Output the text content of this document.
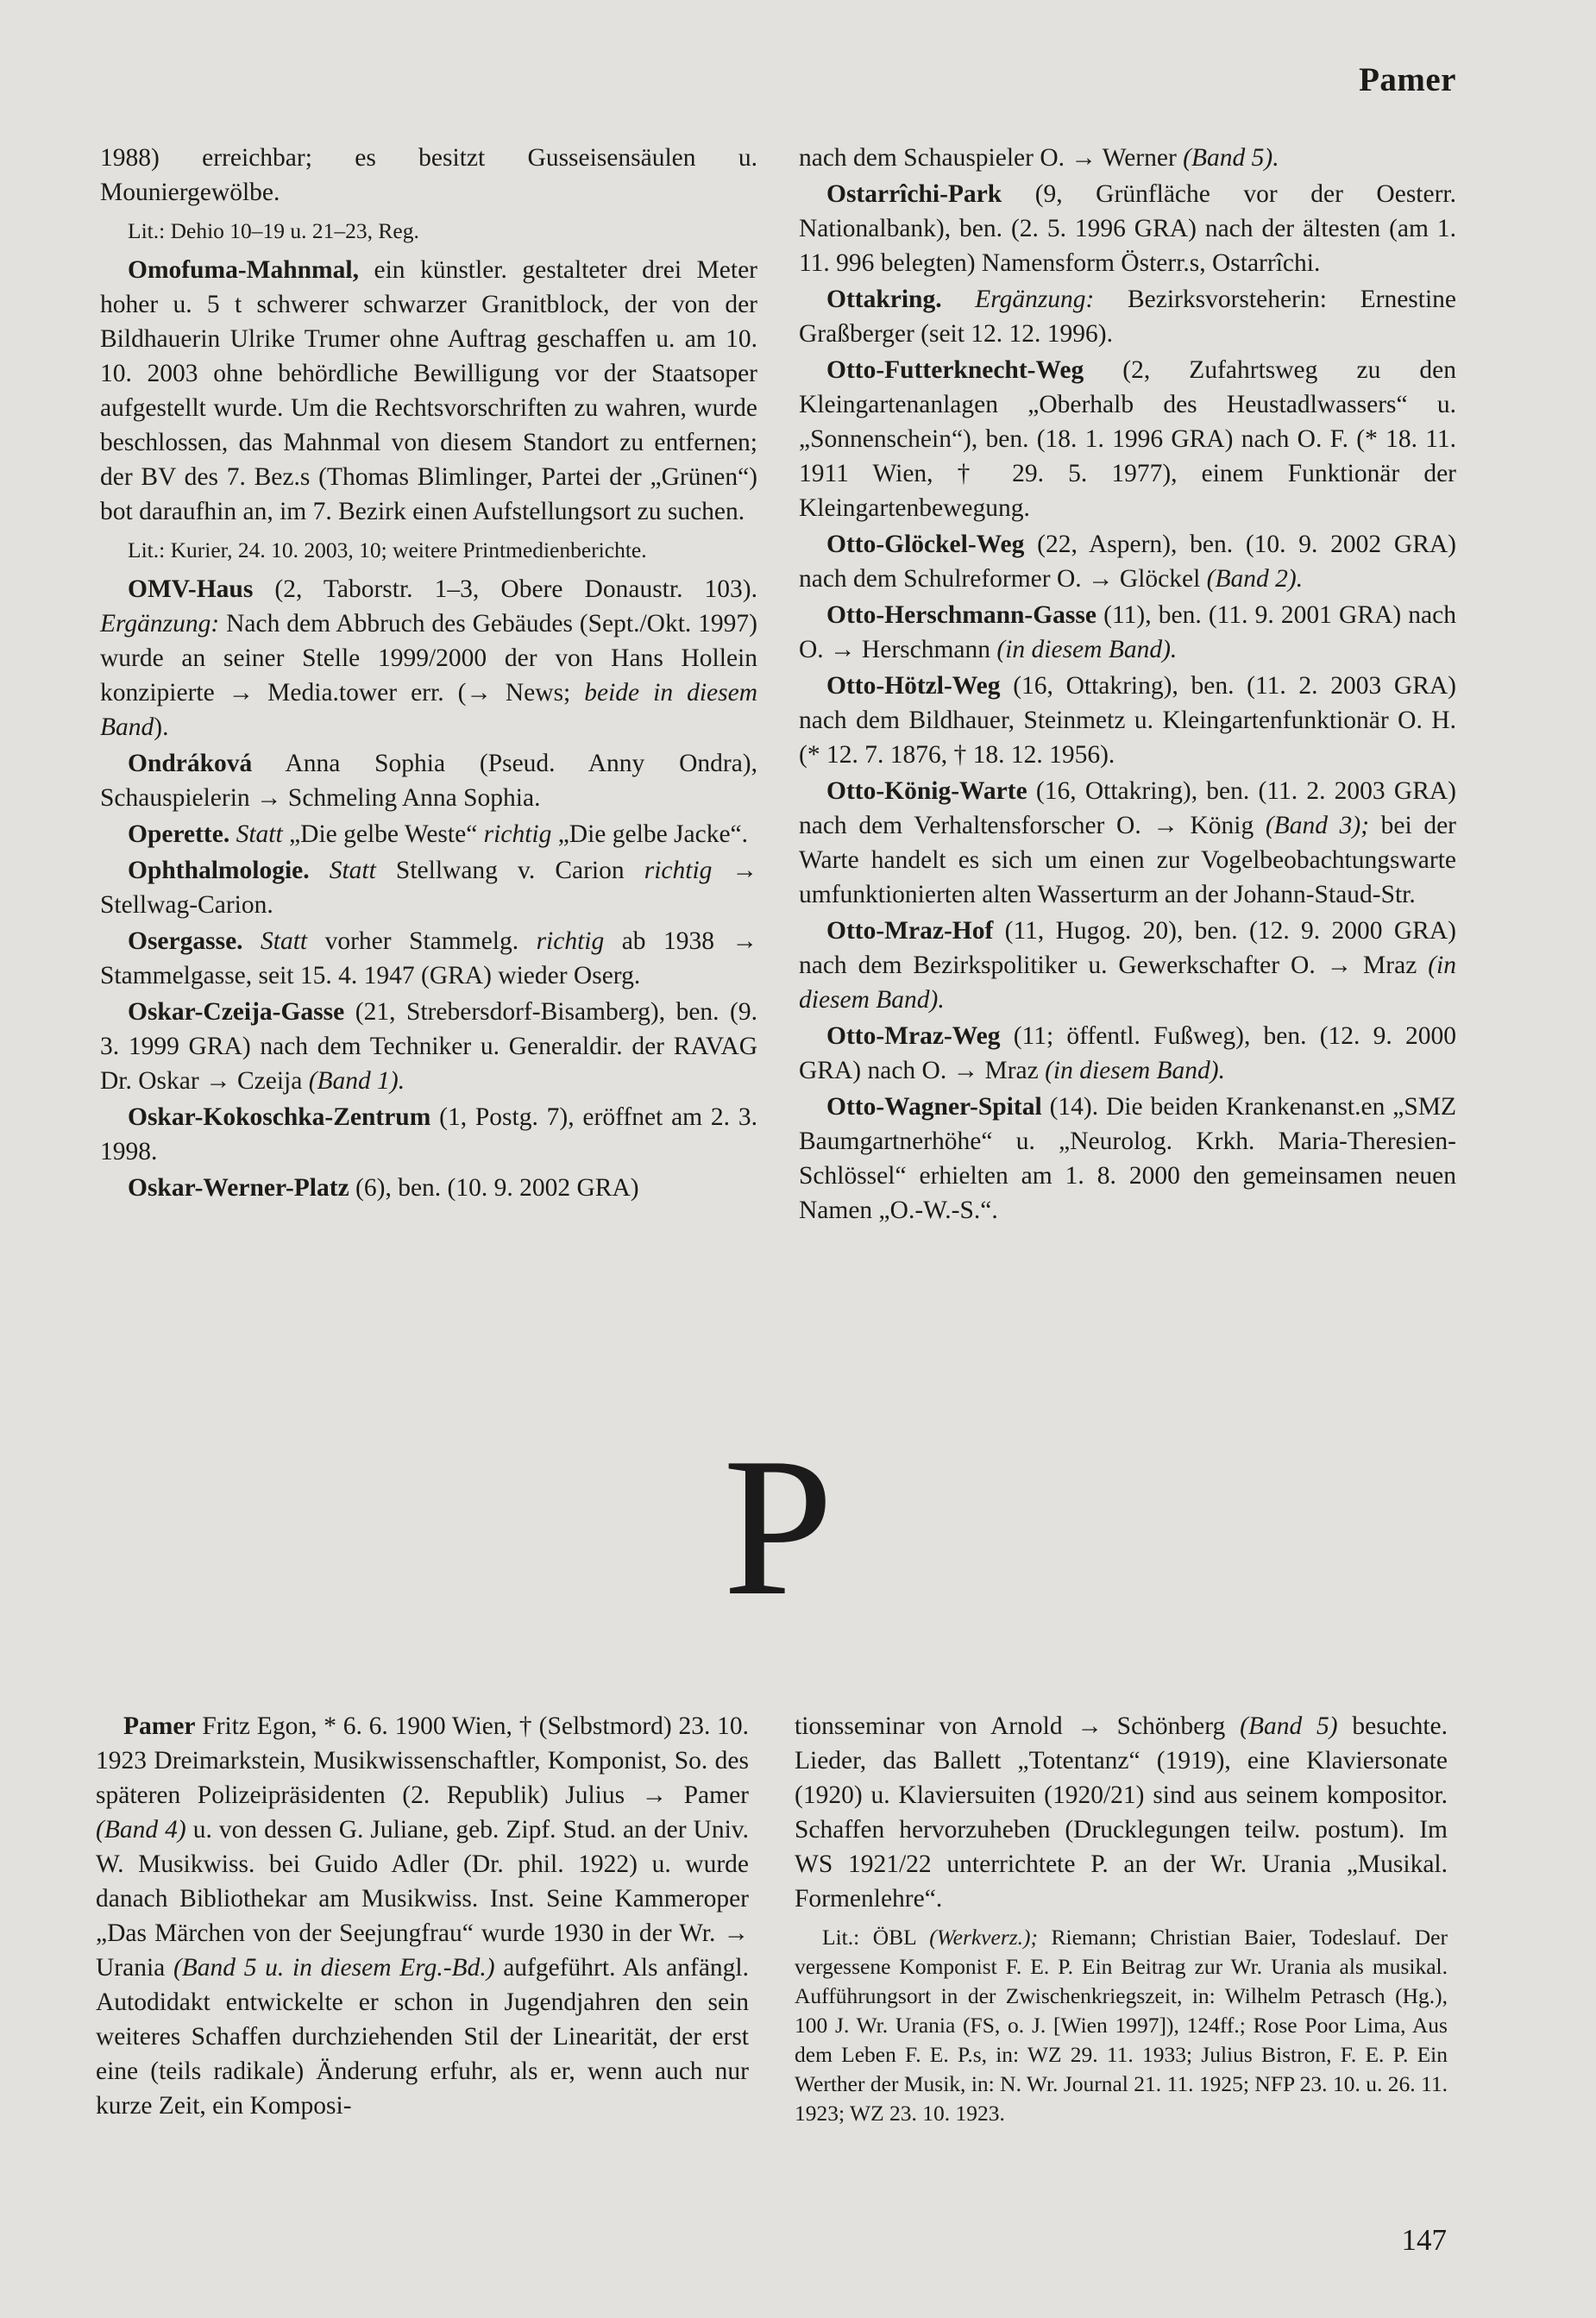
Pamer

1988) erreichbar; es besitzt Gusseisensäulen u. Mouniergewölbe.

Lit.: Dehio 10–19 u. 21–23, Reg.

Omofuma-Mahnmal, ein künstler. gestalteter drei Meter hoher u. 5 t schwerer schwarzer Granitblock, der von der Bildhauerin Ulrike Trumer ohne Auftrag geschaffen u. am 10. 10. 2003 ohne behördliche Bewilligung vor der Staatsoper aufgestellt wurde. Um die Rechtsvorschriften zu wahren, wurde beschlossen, das Mahnmal von diesem Standort zu entfernen; der BV des 7. Bez.s (Thomas Blimlinger, Partei der „Grünen“) bot daraufhin an, im 7. Bezirk einen Aufstellungsort zu suchen.

Lit.: Kurier, 24. 10. 2003, 10; weitere Printmedienberichte.

OMV-Haus (2, Taborstr. 1–3, Obere Donaustr. 103). Ergänzung: Nach dem Abbruch des Gebäudes (Sept./Okt. 1997) wurde an seiner Stelle 1999/2000 der von Hans Hollein konzipierte → Media.tower err. (→ News; beide in diesem Band).

Ondráková Anna Sophia (Pseud. Anny Ondra), Schauspielerin → Schmeling Anna Sophia.

Operette. Statt „Die gelbe Weste“ richtig „Die gelbe Jacke“.

Ophthalmologie. Statt Stellwang v. Carion richtig → Stellwag-Carion.

Osergasse. Statt vorher Stammelg. richtig ab 1938 → Stammelgasse, seit 15. 4. 1947 (GRA) wieder Oserg.

Oskar-Czeija-Gasse (21, Strebersdorf-Bisamberg), ben. (9. 3. 1999 GRA) nach dem Techniker u. Generaldir. der RAVAG Dr. Oskar → Czeija (Band 1).

Oskar-Kokoschka-Zentrum (1, Postg. 7), eröffnet am 2. 3. 1998.

Oskar-Werner-Platz (6), ben. (10. 9. 2002 GRA)

nach dem Schauspieler O. → Werner (Band 5).

Ostarrîchi-Park (9, Grünfläche vor der Oesterr. Nationalbank), ben. (2. 5. 1996 GRA) nach der ältesten (am 1. 11. 996 belegten) Namensform Österr.s, Ostarrîchi.

Ottakring. Ergänzung: Bezirksvorsteherin: Ernestine Graßberger (seit 12. 12. 1996).

Otto-Futterknecht-Weg (2, Zufahrtsweg zu den Kleingartenanlagen „Oberhalb des Heustadlwassers“ u. „Sonnenschein“), ben. (18. 1. 1996 GRA) nach O. F. (* 18. 11. 1911 Wien, † 29. 5. 1977), einem Funktionär der Kleingartenbewegung.

Otto-Glöckel-Weg (22, Aspern), ben. (10. 9. 2002 GRA) nach dem Schulreformer O. → Glöckel (Band 2).

Otto-Herschmann-Gasse (11), ben. (11. 9. 2001 GRA) nach O. → Herschmann (in diesem Band).

Otto-Hötzl-Weg (16, Ottakring), ben. (11. 2. 2003 GRA) nach dem Bildhauer, Steinmetz u. Kleingartenfunktionär O. H. (* 12. 7. 1876, † 18. 12. 1956).

Otto-König-Warte (16, Ottakring), ben. (11. 2. 2003 GRA) nach dem Verhaltensforscher O. → König (Band 3); bei der Warte handelt es sich um einen zur Vogelbeobachtungswarte umfunktionierten alten Wasserturm an der Johann-Staud-Str.

Otto-Mraz-Hof (11, Hugog. 20), ben. (12. 9. 2000 GRA) nach dem Bezirkspolitiker u. Gewerkschafter O. → Mraz (in diesem Band).

Otto-Mraz-Weg (11; öffentl. Fußweg), ben. (12. 9. 2000 GRA) nach O. → Mraz (in diesem Band).

Otto-Wagner-Spital (14). Die beiden Krankenanst.en „SMZ Baumgartnerhöhe“ u. „Neurolog. Krkh. Maria-Theresien-Schlössel“ erhielten am 1. 8. 2000 den gemeinsamen neuen Namen „O.-W.-S.“.

P

Pamer Fritz Egon, * 6. 6. 1900 Wien, † (Selbstmord) 23. 10. 1923 Dreimarkstein, Musikwissenschaftler, Komponist, So. des späteren Polizeipräsidenten (2. Republik) Julius → Pamer (Band 4) u. von dessen G. Juliane, geb. Zipf. Stud. an der Univ. W. Musikwiss. bei Guido Adler (Dr. phil. 1922) u. wurde danach Bibliothekar am Musikwiss. Inst. Seine Kammeroper „Das Märchen von der Seejungfrau“ wurde 1930 in der Wr. → Urania (Band 5 u. in diesem Erg.-Bd.) aufgeführt. Als anfängl. Autodidakt entwickelte er schon in Jugendjahren den sein weiteres Schaffen durchziehenden Stil der Linearität, der erst eine (teils radikale) Änderung erfuhr, als er, wenn auch nur kurze Zeit, ein Komposi-

tionsseminar von Arnold → Schönberg (Band 5) besuchte. Lieder, das Ballett „Totentanz“ (1919), eine Klaviersonate (1920) u. Klaviersuiten (1920/21) sind aus seinem kompositor. Schaffen hervorzuheben (Drucklegungen teilw. postum). Im WS 1921/22 unterrichtete P. an der Wr. Urania „Musikal. Formenlehre“.

Lit.: ÖBL (Werkverz.); Riemann; Christian Baier, Todeslauf. Der vergessene Komponist F. E. P. Ein Beitrag zur Wr. Urania als musikal. Aufführungsort in der Zwischenkriegszeit, in: Wilhelm Petrasch (Hg.), 100 J. Wr. Urania (FS, o. J. [Wien 1997]), 124ff.; Rose Poor Lima, Aus dem Leben F. E. P.s, in: WZ 29. 11. 1933; Julius Bistron, F. E. P. Ein Werther der Musik, in: N. Wr. Journal 21. 11. 1925; NFP 23. 10. u. 26. 11. 1923; WZ 23. 10. 1923.

147
